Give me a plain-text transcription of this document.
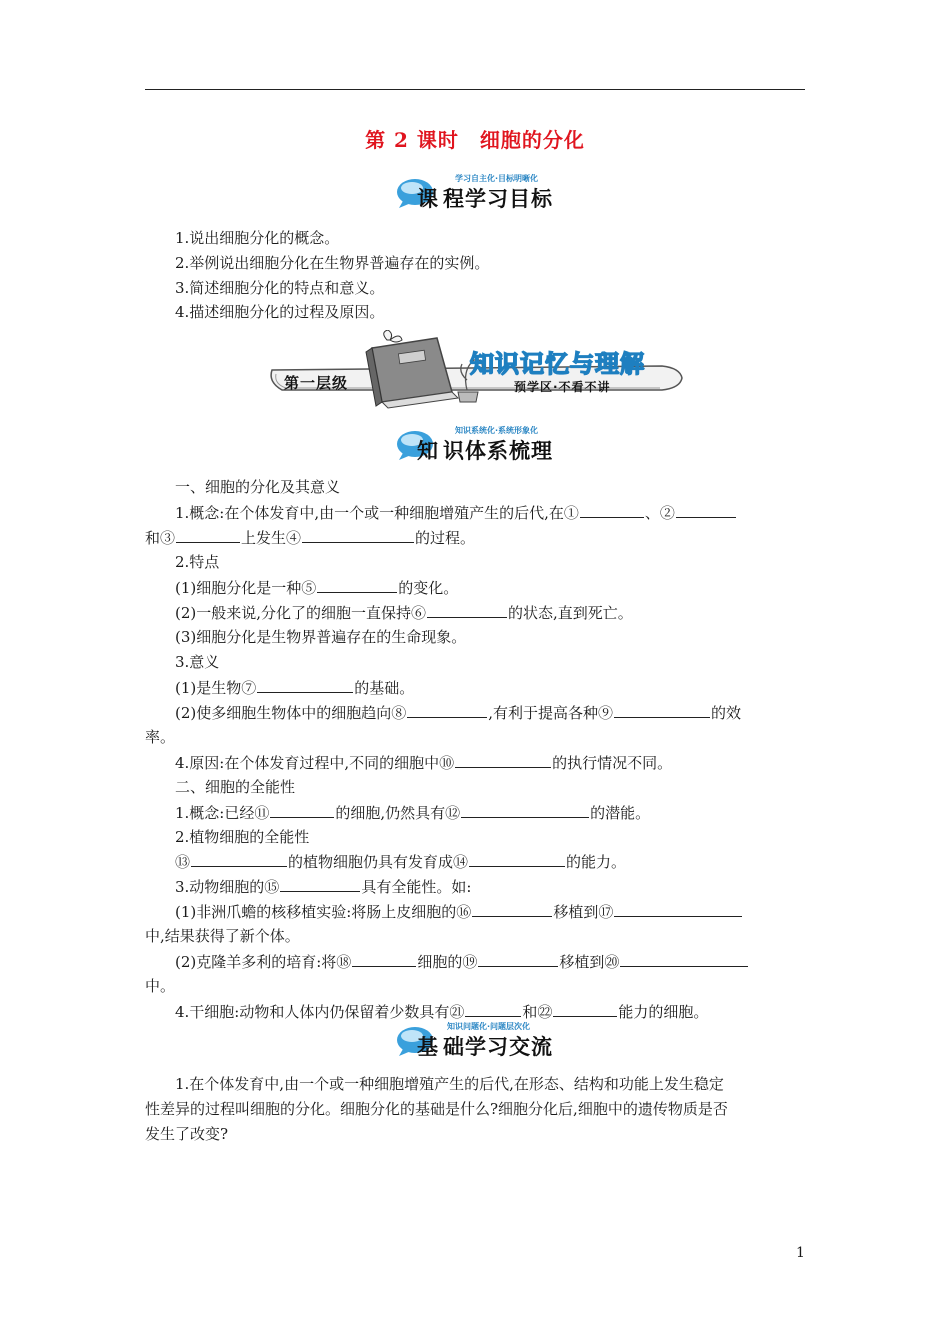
第 2 课时　细胞的分化
课 程学习目标
学习自主化·目标明晰化
1.说出细胞分化的概念。
2.举例说出细胞分化在生物界普遍存在的实例。
3.简述细胞分化的特点和意义。
4.描述细胞分化的过程及原因。
第一层级
知识记忆与理解
预学区·不看不讲
知 识体系梳理
知识系统化·系统形象化
一、细胞的分化及其意义
1.概念:在个体发育中,由一个或一种细胞增殖产生的后代,在①	、②
和③	上发生④	的过程。
2.特点
(1)细胞分化是一种⑤	的变化。
(2)一般来说,分化了的细胞一直保持⑥	的状态,直到死亡。
(3)细胞分化是生物界普遍存在的生命现象。
3.意义
(1)是生物⑦	的基础。
(2)使多细胞生物体中的细胞趋向⑧	,有利于提高各种⑨	的效
率。
4.原因:在个体发育过程中,不同的细胞中⑩	的执行情况不同。
二、细胞的全能性
1.概念:已经⑪	的细胞,仍然具有⑫	的潜能。
2.植物细胞的全能性
⑬	的植物细胞仍具有发育成⑭	的能力。
3.动物细胞的⑮	具有全能性。如:
(1)非洲爪蟾的核移植实验:将肠上皮细胞的⑯	移植到⑰
中,结果获得了新个体。
(2)克隆羊多利的培育:将⑱	细胞的⑲	移植到⑳
中。
4.干细胞:动物和人体内仍保留着少数具有㉑	和㉒	能力的细胞。
基 础学习交流
知识问题化·问题层次化
1.在个体发育中,由一个或一种细胞增殖产生的后代,在形态、结构和功能上发生稳定
性差异的过程叫细胞的分化。细胞分化的基础是什么?细胞分化后,细胞中的遗传物质是否
发生了改变?
1
